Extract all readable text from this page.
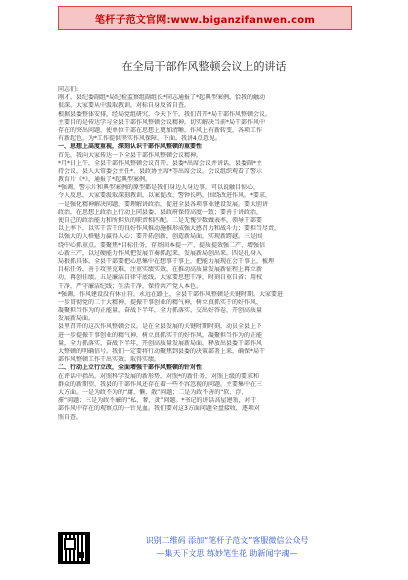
笔杆子范文官网:www.biganzifanwen.com
在全局干部作风整顿会议上的讲话
同志们:
刚才，县纪委副组*局纪检监察组副组长*同志通报了*起典型案例，恰我的触动
很深。大家要从中汲取教训，对标自身反省自查。
根据县委整体安排，经局党组研究，今天下午，我们召开*局干部作风整顿会议。
主要目的是传达学习全县干部作风整顿会议精神，切实解决当前*局干部作风中
存在的突出问题，使单位干部在思想上更加清晰，作风上有新转变，各项工作
有新起色，为*工作提供坚实作风保障。下面，我讲4点意见。
一、思想上高度重视，深刻认识干部作风整顿的重要性
首先，我向大家传达一下全县干部作风整顿会议精神。
*月*日上午，全县干部作风整顿会议召开。县委*出席会议并讲话，县委副*主
持会议，县人大常委会主任*、县政协主席*等出席会议。会议组织观看了警示
教育片《*》，通报了*起典型案例。
*强调，警示片和典型案例的原型都是我们身边人身边事，可以说触目惊心，
令人反思，大家要汲取深刻教训，以案促改、警钟长鸣，围绕改进作风。*要求，
一是强化精神解决问题，要理解讲政治，促进全县各项事业建设发展。要大胆讲
政治，在思想上政治上行动上同县委、县政府保持高度一致；要善于讲政治，
使自己的政治能力和所担负的职责相匹配。二是无愧少数做表率。领导干部要
以上率下，以实干苦干的良好作风推动施推形成强大感召力和战斗力；要担当尽责，
以强大的人格魅力赢得人心；要开拓创新，创造新局面，实现新跨越。三是围
绕中心抓重点。要聚焦*目标任务，存基固本提一产、提质提效强二产、增强信
心新三产，以过硬能力作风把发展节奏抓起来，发展新局创出来。四是扎身入
局狠抓具体。全县干部要把心思集中在想事干事上，把能力展现在会干事上，梳理
目标任务，善于攻坚克难，注重实绩实效，在推动高质量发展新征程上再立新
功，再创佳绩。五是廉洁自律守底线。大家要思想干净，时刻自重自省；用权
干净，严守廉洁纪线；生活干净，保持共产党人本色。
*强调，作风建设没有休止符，永远在路上，全县干部作风整顿是关键时期，大家要进
一步贯彻党的二十大精神，提振干事创业的精气神，树立真抓实干的好作风，
凝聚担当作为的正能量，奋战下半年，全力抓落实、交出好答卷，开创高质量
发展新局面。
县里召开的这次作风整顿会议，是在全县发展的关键时期时刻，动员全县上下
进一步提振干事创业的精气神，树立真抓实干的好作风，凝聚担当作为的正能
量，全力抓落实、奋战下半年，开创高质量发展新局面，释放出县委干部作风
大整顿的明确信号。我们一定要将行动聚焦到县委的决策部署上来，确保*局干
部作风整顿工作干出实效，取得实绩。
二、行动上立行立改，全面增强干部作风整顿的针对性
在评话中指出，对照科学发展的新形势，对照*的新任务，对照上级的要求和
群众的新期望，我县的干部作风还存在着一些不容忽视的问题。主要集中在三
大方面。一是为政不为的“庸、懒、散”问题；二是为政不善的“软、浮、
滞”问题；三是为政不廉的“私、奢、贪”问题。*书记的讲话高屋建瓴，对干
部作风中存在的观察点的一针见血。我们要对这3方面问题全盘接收，逐项对
照自查。
识别二维码 添加“笔杆子范文”客服微信公众号
—集天下文思 练妙笔生花 助新闻字魂—
